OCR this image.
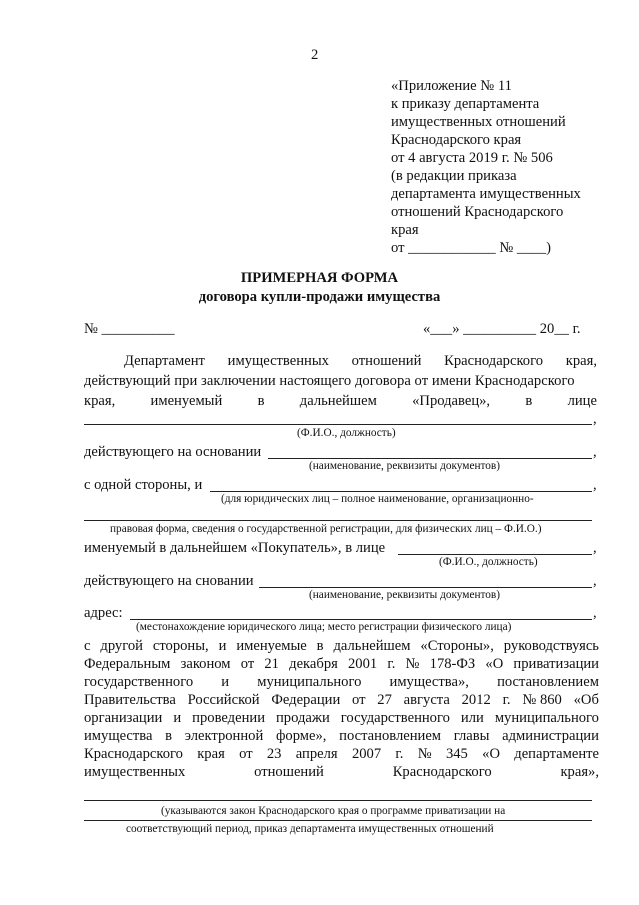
2
«Приложение № 11
к приказу департамента
имущественных отношений
Краснодарского края
от 4 августа 2019 г. № 506
(в редакции приказа
департамента имущественных
отношений Краснодарского
края
от ____________ № ____)
ПРИМЕРНАЯ ФОРМА
договора купли-продажи имущества
№ __________	«___» __________ 20__ г.
Департамент имущественных отношений Краснодарского края,
действующий при заключении настоящего договора от имени Краснодарского
края, именуемый в дальнейшем «Продавец», в лице
,
(Ф.И.О., должность)
действующего на основании	,
(наименование, реквизиты документов)
с одной стороны, и	,
(для юридических лиц – полное наименование, организационно-
правовая форма, сведения о государственной регистрации, для физических лиц – Ф.И.О.)
именуемый в дальнейшем «Покупатель», в лице	,
(Ф.И.О., должность)
действующего на сновании	,
(наименование, реквизиты документов)
адрес:	,
(местонахождение юридического лица; место регистрации физического лица)
с другой стороны, и именуемые в дальнейшем «Стороны», руководствуясь
Федеральным законом от 21 декабря 2001 г. № 178-ФЗ «О приватизации
государственного и муниципального имущества», постановлением
Правительства Российской Федерации от 27 августа 2012 г. № 860 «Об
организации и проведении продажи государственного или муниципального
имущества в электронной форме», постановлением главы администрации
Краснодарского края от 23 апреля 2007 г. № 345 «О департаменте
имущественных	отношений	Краснодарского	края»,
(указываются закон Краснодарского края о программе приватизации на
соответствующий период, приказ департамента имущественных отношений
